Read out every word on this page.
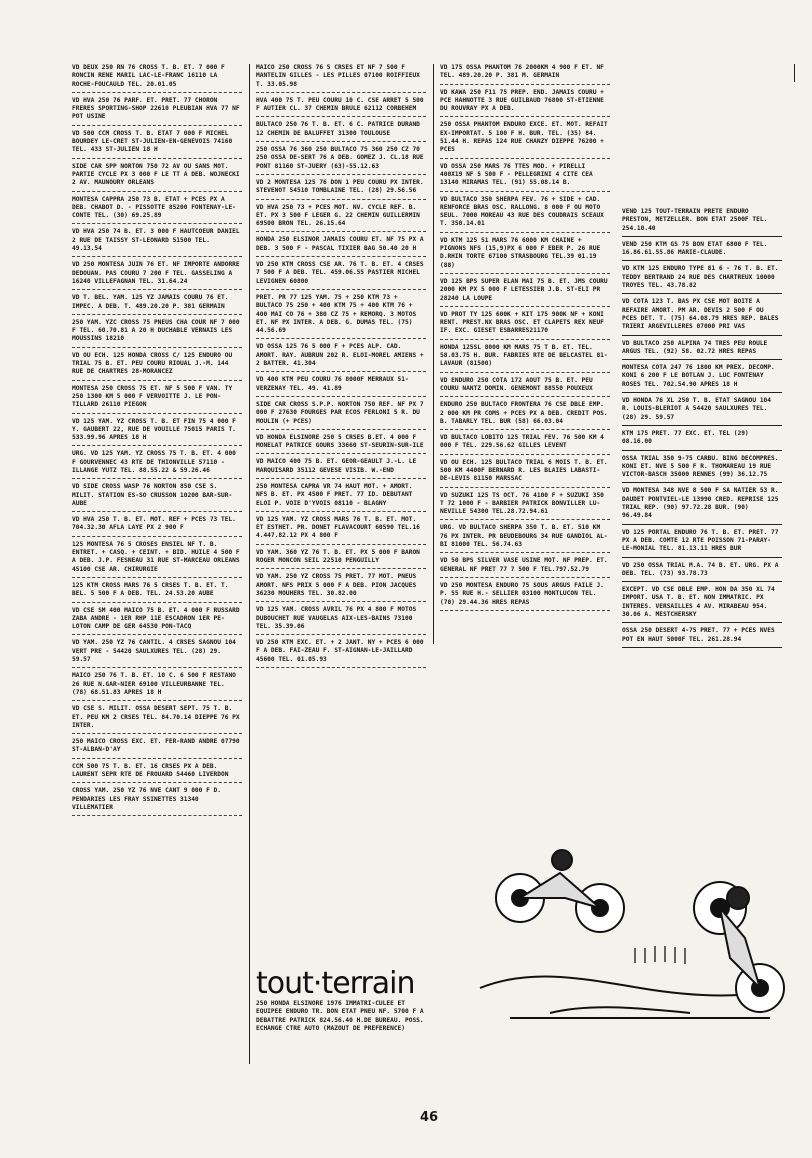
VD DEUX 250 RN 76 CROSS T. B. ET. 7 000 F RONCIN RENE MARIL LAC-LE-FRANC 16110 LA ROCHE-FOUCAULD TEL. 20.01.05
VD HVA 250 76 PARF. ET. PRET. 77 CHORON FRERES SPORTING-SHOP 22610 PLEUBIAN HVA 77 NF POT USINE
VD 500 CCM CROSS T. B. ETAT 7 000 F MICHEL BOURDEY LE-CRET ST-JULIEN-EN-GENEVOIS 74160 TEL. 433 ST-JULIEN 18 H
SIDE CAR SPP NORTON 750 72 AV OU SANS MOT. PARTIE CYCLE PX 3 000 F LE TT A DEB. WOJNECKI 2 AV. MAUNOURY ORLEANS
MONTESA CAPPRA 250 73 B. ETAT + PCES PX A DEB. CHABOT D. - PISSOTTE 85200 FONTENAY-LE-CONTE TEL. (30) 69.25.89
VD HVA 250 74 B. ET. 3 000 F HAUTCOEUR DANIEL 2 RUE DE TAISSY ST-LEONARD 51500 TEL. 49.13.54
VD 250 MONTESA JUIN 76 ET. NF IMPORTE ANDORRE DEDOUAN. PAS COURU 7 200 F TEL. GASSELING A 16240 VILLEFAGNAN TEL. 31.64.24
VD T. BEL. YAM. 125 YZ JAMAIS COURU 76 ET. IMPEC. A DEB. T. 489.20.20 P. 381 GERMAIN
250 YAM. YZC CROSS 75 PNEUS CHA COUR NF 7 000 F TEL. 60.70.81 A 20 H DUCHABLE VERNAIS LES MOUSSINS 18210
VD OU ECH. 125 HONDA CROSS C/ 125 ENDURO OU TRIAL 75 B. ET. PEU COURU RIOUAL J.-M. 144 RUE DE CHARTRES 28-MORANCEZ
MONTESA 250 CROSS 75 ET. NF 5 500 F VAN. TY 250 1300 KM 5 000 F VERVOITTE J. LE PON-TILLARD 26110 PIEGON
VD 125 YAM. YZ CROSS T. B. ET FIN 75 4 000 F Y. GAUBERT 22, RUE DE VOUILLE 75015 PARIS T. 533.99.96 APRES 18 H
URG. VD 125 YAM. YZ CROSS 75 T. B. ET. 4 000 F GOURVENNEC 43 RTE DE THIONVILLE 57110 - ILLANGE YUTZ TEL. 88.55.22 & 59.26.46
VD SIDE CROSS WASP 76 NORTON 850 CSE S. MILIT. STATION ES-SO CRUSSON 10200 BAR-SUR-AUBE
VD HVA 250 T. B. ET. MOT. REF + PCES 73 TEL. 704.32.30 AFLA LAYE PX 2 900 F
125 MONTESA 76 5 CROSES ENSIEL NF T. B. ENTRET. + CASQ. + CEINT. + BID. HUILE 4 500 F A DEB. J.P. FESNEAU 31 RUE ST-MARCEAU ORLEANS 45100 CSE AR. CHIRURGIE
125 KTM CROSS MARS 76 5 CRSES T. B. ET. T. BEL. 5 500 F A DEB. TEL. 24.53.20 AUBE
VD CSE SM 400 MAICO 75 B. ET. 4 000 F RUSSARD ZABA ANDRE - 1ER RHP 11E ESCADRON 1ER PE-LOTON CAMP DE GER 64530 PON-TACQ
VD YAM. 250 YZ 76 CANTIL. 4 CRSES SAGNOU 104 VERT PRE - 54420 SAULXURES TEL. (28) 29. 59.57
MAICO 250 76 T. B. ET. 10 C. 6 500 F RESTANO 26 RUE N.GAR-NIER 69100 VILLEURBANNE TEL. (78) 68.51.83 APRES 18 H
VD CSE S. MILIT. OSSA DESERT SEPT. 75 T. B. ET. PEU KM 2 CRSES TEL. 84.70.14 DIEPPE 76 PX INTER.
250 MAICO CROSS EXC. ET. FER-RAND ANDRE 07790 ST-ALBAN-D'AY
CCM 500 75 T. B. ET. 16 CRSES PX A DEB. LAURENT SEPR RTE DE FROUARD 54460 LIVERDON
CROSS YAM. 250 YZ 76 NVE CANT 9 000 F D. PENDARIES LES FRAY SSINETTES 31340 VILLEMATIER
MAICO 250 CROSS 76 5 CRSES ET NF 7 500 F MANTELIN GILLES - LES PILLES 07100 ROIFFIEUX T. 33.05.98
HVA 400 75 T. PEU COURU 10 C. CSE ARRET 5 500 F AUTIER CL. 37 CHEMIN BRULE 62112 CORBEHEM
BULTACO 250 76 T. B. ET. 6 C. PATRICE DURAND 12 CHEMIN DE BALUFFET 31300 TOULOUSE
250 OSSA 76 360 250 BULTACO 75 360 250 CZ 70 250 OSSA DE-SERT 76 A DEB. GOMEZ J. CL.18 RUE PONT 81160 ST-JUERY (63)-55.12.63
VD 2 MONTESA 125 76 DON 1 PEU COURU PX INTER. STEVENOT 54510 TOMBLAINE TEL. (28) 29.56.56
VD HVA 250 73 + PCES MOT. NV. CYCLE REF. B. ET. PX 3 500 F LEGER G. 22 CHEMIN GUILLERMIN 69500 BRON TEL. 26.15.64
HONDA 250 ELSINOR JAMAIS COURU ET. NF 75 PX A DEB. 3 500 F - PASCAL TIXIER BAG 50.40 20 H
VD 250 KTM CROSS CSE AR. 76 T. B. ET. 4 CRSES 7 500 F A DEB. TEL. 459.06.55 PASTIER MICHEL LEVIGNEN 60800
PRET. PR 77 125 YAM. 75 + 250 KTM 73 + BULTACO 75 250 + 400 KTM 75 + 400 KTM 76 + 400 MAI CO 76 + 380 CZ 75 + REMORQ. 3 MOTOS ET. NF PX INTER. A DEB. G. DUMAS TEL. (75) 44.56.69
VD OSSA 125 76 5 000 F + PCES ALP. CAD. AMORT. RAY. AUBRUN 202 R. ELOI-MOREL AMIENS + 2 BATTER. 41.304
VD 400 KTM PEU COURU 76 8000F MERRAUX 51-VERZENAY TEL. 49. 41.89
SIDE CAR CROSS S.P.P. NORTON 750 REF. NF PX 7 000 F 27630 FOURGES PAR ECOS FERLONI 5 R. DU MOULIN (+ PCES)
VD HONDA ELSINORE 250 5 CRSES B.ET. 4 000 F MONELAT PATRICE GOURS 33660 ST-SEURIN-SUR-ILE
VD MAICO 400 75 B. ET. GEOR-GEAULT J.-L. LE MARQUISARD 35112 GEVESE VISIB. W.-END
250 MONTESA CAPRA VR 74 HAUT MOT. + AMORT. NFS B. ET. PX 4500 F PRET. 77 ID. DEBUTANT ELOI P. VOIE D'YVOIS 08110 - BLAGNY
VD 125 YAM. YZ CROSS MARS 76 T. B. ET. MOT. ET ESTHET. PR. DONET FLAVACOURT 60590 TEL.16 4.447.82.12 PX 4 800 F
VD YAM. 360 YZ 76 T. B. ET. PX 5 000 F BARON ROGER MONCON SEIL 22510 PENGUILLY
VD YAM. 250 YZ CROSS 75 PRET. 77 MOT. PNEUS AMORT. NFS PRIX 5 000 F A DEB. PION JACQUES 36230 MOUHERS TEL. 30.82.00
VD 125 YAM. CROSS AVRIL 76 PX 4 800 F MOTOS DUBOUCHET RUE VAUGELAS AIX-LES-BAINS 73100 TEL. 35.39.06
VD 250 KTM EXC. ET. + 2 JANT. NY + PCES 6 000 F A DEB. FAI-ZEAU F. ST-AIGNAN-LE-JAILLARD 45600 TEL. 01.05.93
VD 175 OSSA PHANTOM 76 2000KM 4 900 F ET. NF TEL. 489.20.20 P. 381 M. GERMAIN
VD KAWA 250 F11 75 PREP. END. JAMAIS COURU + PCE HAHNOTTE 3 RUE GUILBAUD 76800 ST-ETIENNE DU ROUVRAY PX A DEB.
250 OSSA PHANTOM ENDURO EXCE. ET. MOT. REFAIT EX-IMPORTAT. 5 100 F H. BUR. TEL. (35) 84. 51.44 H. REPAS 124 RUE CHANZY DIEPPE 76200 + PCES
VD OSSA 250 MARS 76 TTES MOD. + PIRELLI 400X19 NF 5 500 F - PELLEGRINI 4 CITE CEA 13140 MIRAMAS TEL. (91) 55.08.14 B.
VD BULTACO 350 SHERPA FEV. 76 + SIDE + CAD. RENFORCE BRAS OSC. RALLONG. 8 000 F OU MOTO SEUL. 7000 MOREAU 43 RUE DES COUDRAIS SCEAUX T. 350.14.01
VD KTM 125 51 MARS 76 6000 KM CHAINE + PIGNONS NFS (15,9)PX 6 000 F EBER P. 26 RUE D.RHIN TORTE 67100 STRASBOURG TEL.39 01.19 (88)
VD 125 BPS SUPER ELAN MAI 75 B. ET. JMS COURU 2000 KM PX 5 000 F LETESSIER J.B. ST-ELI PR 28240 LA LOUPE
VD PROT TY 125 600K + KIT 175 900K NF + KONI RENT. PREST.NX BRAS OSC. ET CLAPETS REX NEUF IF. EXC. GIESET ESBARRES21170
HONDA 125SL 8000 KM MARS 75 T B. ET. TEL. 58.03.75 H. BUR. FABRIES RTE DE BELCASTEL 81-LAVAUR (81500)
VD ENDURO 250 COTA 172 AOUT 75 B. ET. PEU COURU NANTZ DOMIN. GENEMONT 88550 POUXEUX
ENDURO 250 BULTACO FRONTERA 76 CSE DBLE EMP. 2 000 KM PR COMS + PCES PX A DEB. CREDIT POS. B. TABARLY TEL. BUR (58) 66.03.04
VD BULTACO LOBITO 125 TRIAL FEV. 76 500 KM 4 000 F TEL. 229.56.62 GILLES LEVENT
VD OU ECH. 125 BULTACO TRIAL 6 MOIS T. B. ET. 500 KM 4400F BERNARD R. LES BLAIES LABASTI-DE-LEVIS 81150 MARSSAC
VD SUZUKI 125 TS OCT. 76 4100 F + SUZUKI 350 T 72 1000 F - BARBIER PATRICK BONVILLER LU-NEVILLE 54300 TEL.28.72.94.61
URG. VD BULTACO SHERPA 350 T. B. ET. 510 KM 76 PX INTER. PR BEUDEBOURG 34 RUE GANDIOL AL-BI 81000 TEL. 56.74.63
VD 50 BPS SILVER VASE USINE MOT. NF PREP. ET. GENERAL NF PRET 77 7 500 F TEL.797.52.79
VD 250 MONTESA ENDURO 75 SOUS ARGUS FAILE J. P. 55 RUE H.- SELLIER 03100 MONTLUCON TEL. (70) 29.44.36 HRES REPAS
VEND 125 TOUT-TERRAIN PRETE ENDURO PRESTON, METZELLER. BON ETAT 2500F TEL. 254.10.40
VEND 250 KTM GS 75 BON ETAT 6800 F TEL. 16.86.61.55.86 MARIE-CLAUDE.
VD KTM 125 ENDURO TYPE 81 6 - 76 T. B. ET. TEDDY BERTRAND 24 RUE DES CHARTREUX 10000 TROYES TEL. 43.78.82
VD COTA 123 T. BAS PX CSE MOT BOITE A REFAIRE AMORT. PM AR. DEVIS 2 500 F OU PCES DET. T. (75) 64.08.79 HRES REP. BALES TRIERI ARGEVILLERES 07000 PRI VAS
VD BULTACO 250 ALPINA 74 TRES PEU ROULE ARGUS TEL. (92) 58. 02.72 HRES REPAS
MONTESA COTA 247 76 1800 KM PREX. DECOMP. KONI 6 200 F LE BOTLAN J. LUC FONTENAY ROSES TEL. 702.54.90 APRES 18 H
VD HONDA 76 XL 250 T. B. ETAT SAGNOU 104 R. LOUIS-BLERIOT A 54420 SAULXURES TEL. (28) 29. 59.57
KTM 175 PRET. 77 EXC. ET. TEL (29) 08.16.00
OSSA TRIAL 350 9-75 CARBU. BING DECOMPRES. KONI ET. NVE 5 500 F R. THOMAREAU 19 RUE VICTOR-BASCH 35000 RENNES (99) 36.12.75
VD MONTESA 348 NVE 8 500 F SA NATIER 53 R. DAUDET PONTVIEL-LE 13990 CRED. REPRISE 125 TRIAL REP. (90) 97.72.28 BUR. (90) 96.49.84
VD 125 PORTAL ENDURO 76 T. B. ET. PRET. 77 PX A DEB. COMTE 12 RTE POISSON 71-PARAY-LE-MONIAL TEL. 81.13.11 HRES BUR
VD 250 OSSA TRIAL M.A. 74 B. ET. URG. PX A DEB. TEL. (73) 93.78.73
EXCEPT. VD CSE DBLE EMP. HON DA 350 XL 74 IMPORT. USA T. B. ET. NON IMMATRIC. PX INTERES. VERSAILLES 4 AV. MIRABEAU 954. 30.06 A. MESTCHERSKY
OSSA 250 DESERT 4-75 PRET. 77 + PCES NVES POT EN HAUT 5000F TEL. 261.28.94
tout·terrain
250 HONDA ELSINORE 1976 IMMATRI-CULEE ET EQUIPEE ENDURO TR. BON ETAT PNEU NF. 5700 F A DEBATTRE PATRICK 824.56.40 H.DE BUREAU. POSS. ECHANGE CTRE AUTO (MAZOUT DE PREFERENCE)
46
